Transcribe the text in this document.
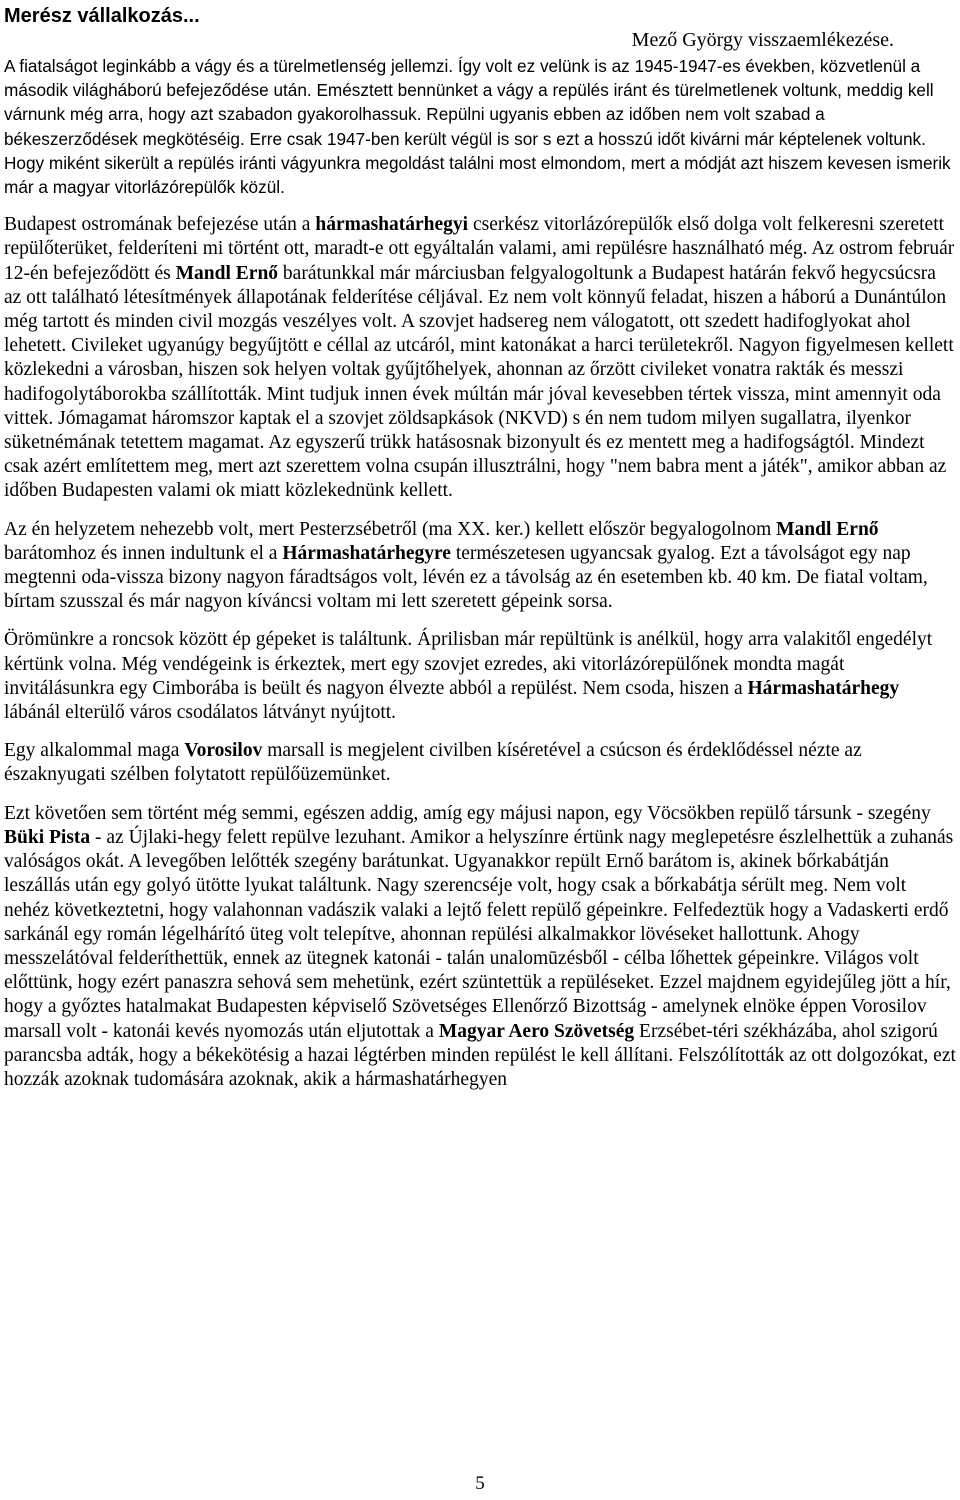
Merész vállalkozás...
Mező György visszaemlékezése.

A fiatalságot leginkább a vágy és a türelmetlenség jellemzi. Így volt ez velünk is az 1945-1947-es években, közvetlenül a második világháború befejeződése után. Emésztett bennünket a vágy a repülés iránt és türelmetlenek voltunk, meddig kell várnunk még arra, hogy azt szabadon gyakorolhassuk. Repülni ugyanis ebben az időben nem volt szabad a békeszerződések megkötéséig. Erre csak 1947-ben került végül is sor s ezt a hosszú időt kivárni már képtelenek voltunk. Hogy miként sikerült a repülés iránti vágyunkra megoldást találni most elmondom, mert a módját azt hiszem kevesen ismerik már a magyar vitorlázórepülők közül.

Budapest ostromának befejezése után a hármashatárhegyi cserkész vitorlázórepülők első dolga volt felkeresni szeretett repülőterüket, felderíteni mi történt ott, maradt-e ott egyáltalán valami, ami repülésre használható még. Az ostrom február 12-én befejeződött és Mandl Ernő barátunkkal már márciusban felgyalogoltunk a Budapest határán fekvő hegycsúcsra az ott található létesítmények állapotának felderítése céljával. Ez nem volt könnyű feladat, hiszen a háború a Dunántúlon még tartott és minden civil mozgás veszélyes volt. A szovjet hadsereg nem válogatott, ott szedett hadifoglyokat ahol lehetett. Civileket ugyanúgy begyűjtött e céllal az utcáról, mint katonákat a harci területekről. Nagyon figyelmesen kellett közlekedni a városban, hiszen sok helyen voltak gyűjtőhelyek, ahonnan az őrzött civileket vonatra rakták és messzi hadifogolytáborokba szállították. Mint tudjuk innen évek múltán már jóval kevesebben tértek vissza, mint amennyit oda vittek. Jómagamat háromszor kaptak el a szovjet zöldsapkások (NKVD) s én nem tudom milyen sugallatra, ilyenkor süketnémának tetettem magamat. Az egyszerű trükk hatásosnak bizonyult és ez mentett meg a hadifogságtól. Mindezt csak azért említettem meg, mert azt szerettem volna csupán illusztrálni, hogy "nem babra ment a játék", amikor abban az időben Budapesten valami ok miatt közlekednünk kellett.

Az én helyzetem nehezebb volt, mert Pesterzsébetről (ma XX. ker.) kellett először begyalogolnom Mandl Ernő barátomhoz és innen indultunk el a Hármashatárhegyre természetesen ugyancsak gyalog. Ezt a távolságot egy nap megtenni oda-vissza bizony nagyon fáradtságos volt, lévén ez a távolság az én esetemben kb. 40 km. De fiatal voltam, bírtam szusszal és már nagyon kíváncsi voltam mi lett szeretett gépeink sorsa.

Örömünkre a roncsok között ép gépeket is találtunk. Áprilisban már repültünk is anélkül, hogy arra valakitől engedélyt kértünk volna. Még vendégeink is érkeztek, mert egy szovjet ezredes, aki vitorlázórepülőnek mondta magát invitálásunkra egy Cimborába is beült és nagyon élvezte abból a repülést. Nem csoda, hiszen a Hármashatárhegy lábánál elterülő város csodálatos látványt nyújtott.

Egy alkalommal maga Vorosilov marsall is megjelent civilben kíséretével a csúcson és érdeklődéssel nézte az északnyugati szélben folytatott repülőüzemünket.

Ezt követően sem történt még semmi, egészen addig, amíg egy májusi napon, egy Vöcsökben repülő társunk - szegény Büki Pista - az Újlaki-hegy felett repülve lezuhant. Amikor a helyszínre értünk nagy meglepetésre észlelhettük a zuhanás valóságos okát. A levegőben lelőtték szegény barátunkat. Ugyanakkor repült Ernő barátom is, akinek bőrkabátján leszállás után egy golyó ütötte lyukat találtunk. Nagy szerencséje volt, hogy csak a bőrkabátja sérült meg. Nem volt nehéz következtetni, hogy valahonnan vadászik valaki a lejtő felett repülő gépeinkre. Felfedeztük hogy a Vadaskerti erdő sarkánál egy román légelhárító üteg volt telepítve, ahonnan repülési alkalmakkor lövéseket hallottunk. Ahogy messzelátóval felderíthettük, ennek az ütegnek katonái - talán unalomūzésből - célba lőhettek gépeinkre. Világos volt előttünk, hogy ezért panaszra sehová sem mehetünk, ezért szüntettük a repüléseket. Ezzel majdnem egyidejűleg jött a hír, hogy a győztes hatalmakat Budapesten képviselő Szövetséges Ellenőrző Bizottság - amelynek elnöke éppen Vorosilov marsall volt - katonái kevés nyomozás után eljutottak a Magyar Aero Szövetség Erzsébet-téri székházába, ahol szigorú parancsba adták, hogy a békekötésig a hazai légtérben minden repülést le kell állítani. Felszólították az ott dolgozókat, ezt hozzák azoknak tudomására azoknak, akik a hármashatárhegyen

5
